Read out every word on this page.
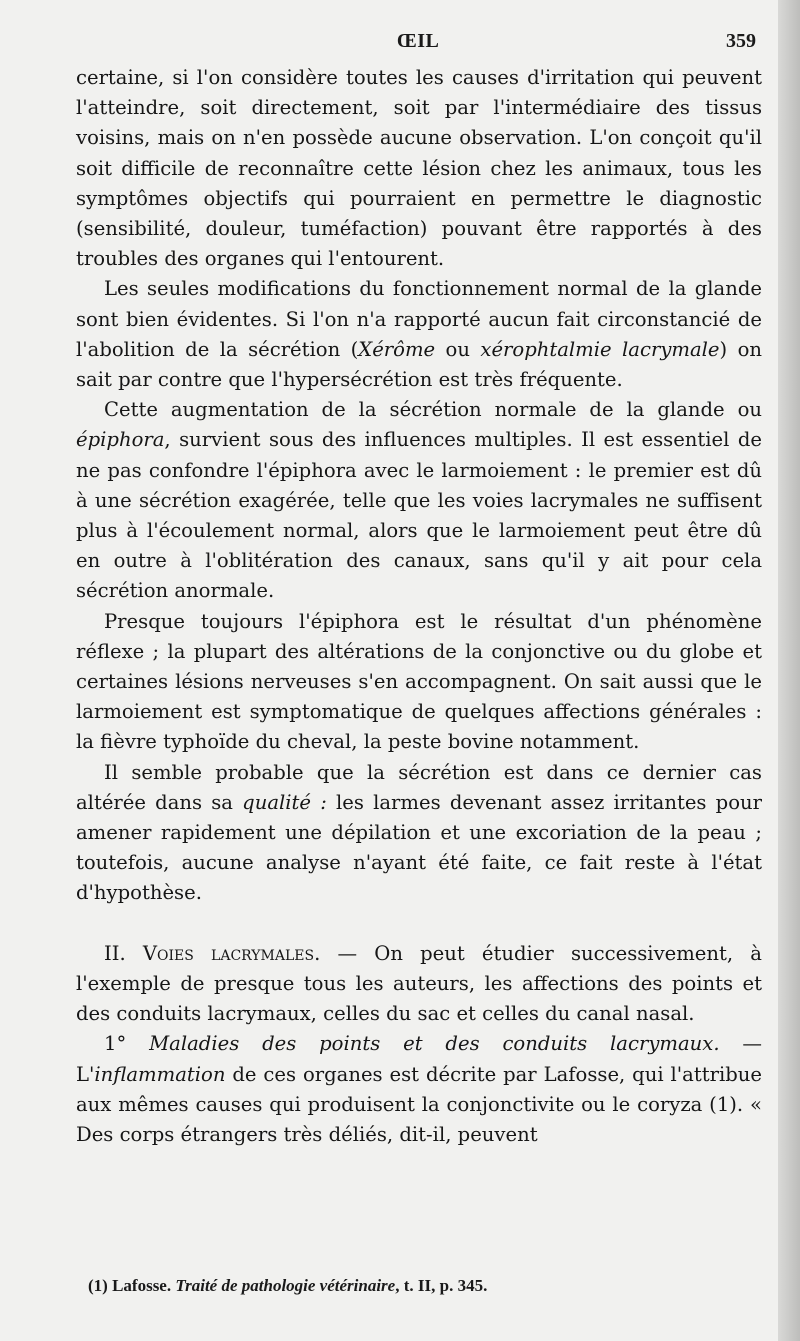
ŒIL	359

certaine, si l'on considère toutes les causes d'irritation qui peuvent l'atteindre, soit directement, soit par l'intermédiaire des tissus voisins, mais on n'en possède aucune observation. L'on conçoit qu'il soit difficile de reconnaître cette lésion chez les animaux, tous les symptômes objectifs qui pourraient en permettre le diagnostic (sensibilité, douleur, tuméfaction) pouvant être rapportés à des troubles des organes qui l'entourent.

Les seules modifications du fonctionnement normal de la glande sont bien évidentes. Si l'on n'a rapporté aucun fait circonstancié de l'abolition de la sécrétion (Xérôme ou xérophtalmie lacrymale) on sait par contre que l'hypersécrétion est très fréquente.

Cette augmentation de la sécrétion normale de la glande ou épiphora, survient sous des influences multiples. Il est essentiel de ne pas confondre l'épiphora avec le larmoiement : le premier est dû à une sécrétion exagérée, telle que les voies lacrymales ne suffisent plus à l'écoulement normal, alors que le larmoiement peut être dû en outre à l'oblitération des canaux, sans qu'il y ait pour cela sécrétion anormale.

Presque toujours l'épiphora est le résultat d'un phénomène réflexe ; la plupart des altérations de la conjonctive ou du globe et certaines lésions nerveuses s'en accompagnent. On sait aussi que le larmoiement est symptomatique de quelques affections générales : la fièvre typhoïde du cheval, la peste bovine notamment.

Il semble probable que la sécrétion est dans ce dernier cas altérée dans sa qualité : les larmes devenant assez irritantes pour amener rapidement une dépilation et une excoriation de la peau ; toutefois, aucune analyse n'ayant été faite, ce fait reste à l'état d'hypothèse.

II. Voies lacrymales. — On peut étudier successivement, à l'exemple de presque tous les auteurs, les affections des points et des conduits lacrymaux, celles du sac et celles du canal nasal.

1° Maladies des points et des conduits lacrymaux. — L'inflammation de ces organes est décrite par Lafosse, qui l'attribue aux mêmes causes qui produisent la conjonctivite ou le coryza (1). « Des corps étrangers très déliés, dit-il, peuvent

(1) Lafosse. Traité de pathologie vétérinaire, t. II, p. 345.
